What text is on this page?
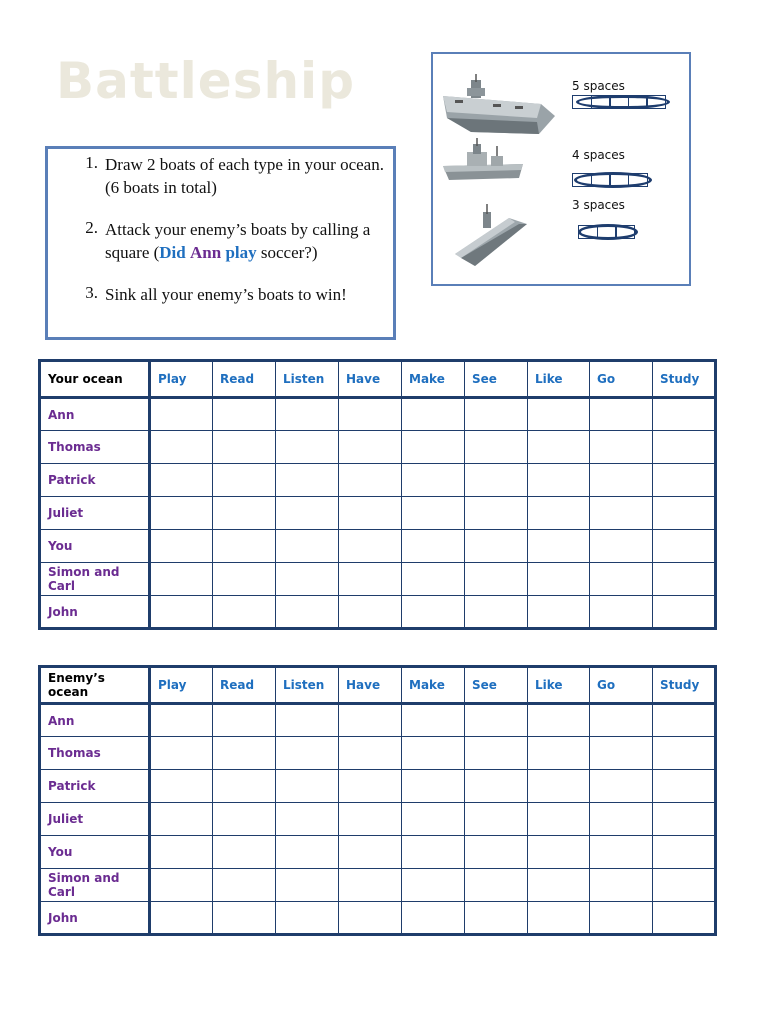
Battleship
1. Draw 2 boats of each type in your ocean. (6 boats in total)
2. Attack your enemy’s boats by calling a square (Did Ann play soccer?)
3. Sink all your enemy’s boats to win!
5 spaces
4 spaces
3 spaces
Your ocean	Play	Read	Listen	Have	Make	See	Like	Go	Study
Ann									
Thomas									
Patrick									
Juliet									
You									
Simon and Carl									
John									
Enemy’s ocean	Play	Read	Listen	Have	Make	See	Like	Go	Study
Ann									
Thomas									
Patrick									
Juliet									
You									
Simon and Carl									
John									
